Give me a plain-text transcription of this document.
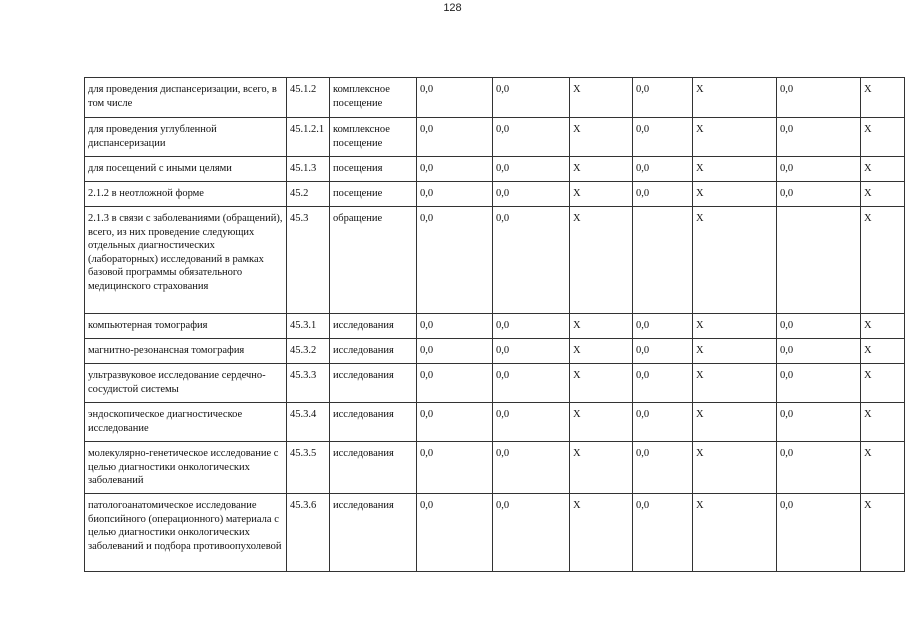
128
для проведения диспансеризации, всего, в том числе	45.1.2	комплексное посещение	0,0	0,0	X	0,0	X	0,0	X
для проведения углубленной диспансеризации	45.1.2.1	комплексное посещение	0,0	0,0	X	0,0	X	0,0	X
для посещений с иными целями	45.1.3	посещения	0,0	0,0	X	0,0	X	0,0	X
2.1.2 в неотложной форме	45.2	посещение	0,0	0,0	X	0,0	X	0,0	X
2.1.3 в связи с заболеваниями (обращений), всего, из них проведение следующих отдельных диагностических (лабораторных) исследований в рамках базовой программы обязательного медицинского страхования	45.3	обращение	0,0	0,0	X		X		X
компьютерная томография	45.3.1	исследования	0,0	0,0	X	0,0	X	0,0	X
магнитно-резонансная томография	45.3.2	исследования	0,0	0,0	X	0,0	X	0,0	X
ультразвуковое исследование сердечно-сосудистой системы	45.3.3	исследования	0,0	0,0	X	0,0	X	0,0	X
эндоскопическое диагностическое исследование	45.3.4	исследования	0,0	0,0	X	0,0	X	0,0	X
молекулярно-генетическое исследование с целью диагностики онкологических заболеваний	45.3.5	исследования	0,0	0,0	X	0,0	X	0,0	X
патологоанатомическое исследование биопсийного (операционного) материала с целью диагностики онкологических заболеваний и подбора противоопухолевой	45.3.6	исследования	0,0	0,0	X	0,0	X	0,0	X
